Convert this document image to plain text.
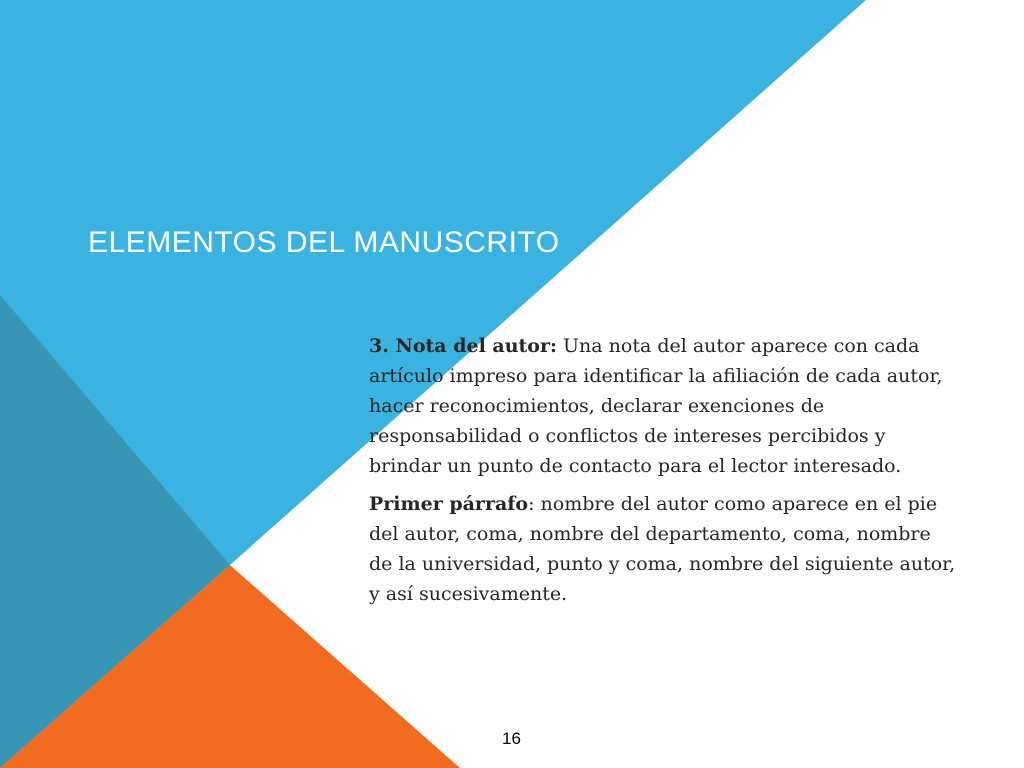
ELEMENTOS DEL MANUSCRITO

3. Nota del autor: Una nota del autor aparece con cada artículo impreso para identificar la afiliación de cada autor, hacer reconocimientos, declarar exenciones de responsabilidad o conflictos de intereses percibidos y brindar un punto de contacto para el lector interesado.

Primer párrafo: nombre del autor como aparece en el pie del autor, coma, nombre del departamento, coma, nombre de la universidad, punto y coma, nombre del siguiente autor, y así sucesivamente.

16
